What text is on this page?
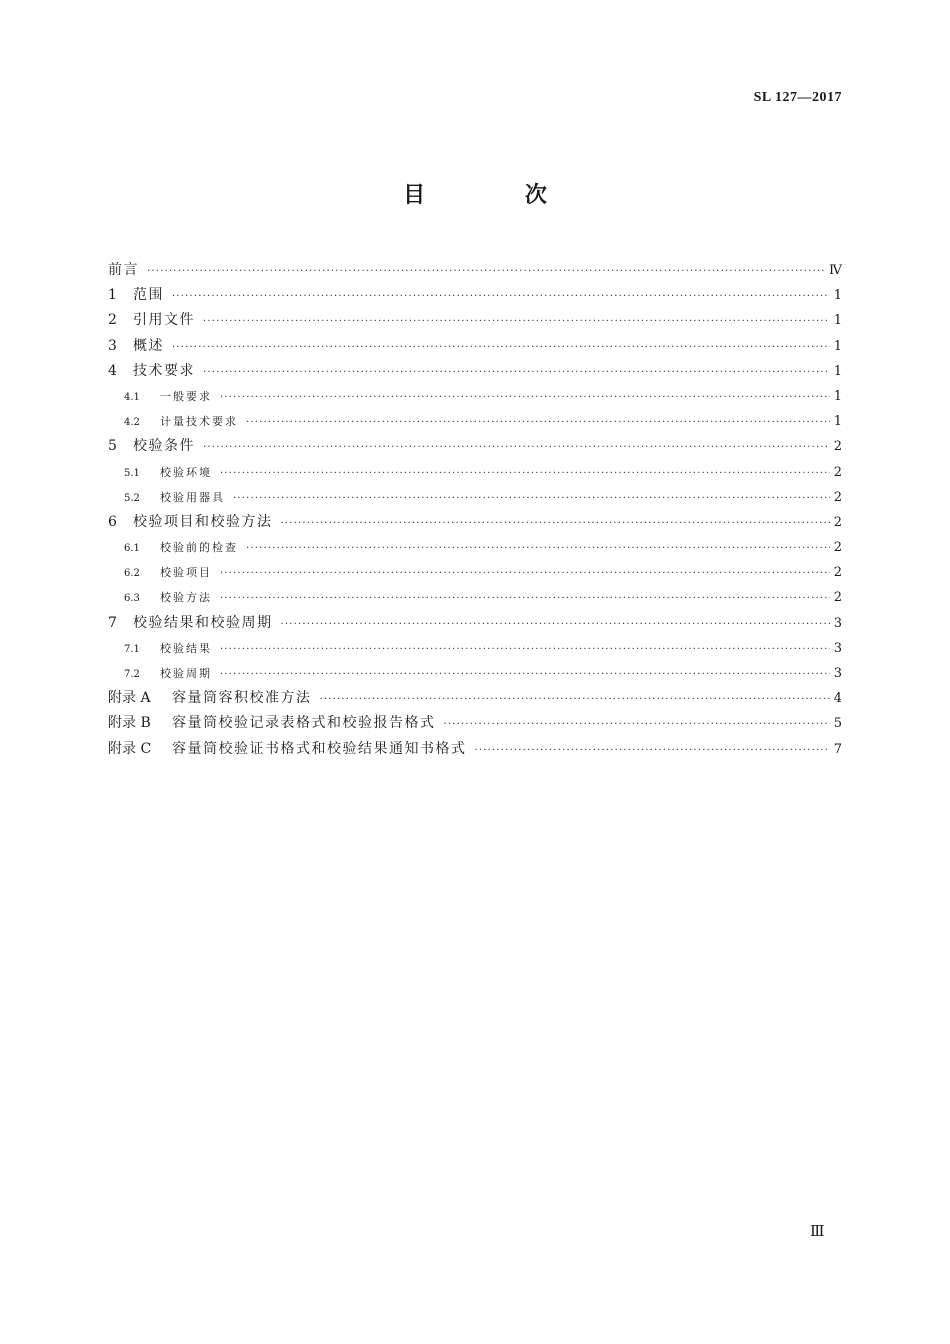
SL 127—2017
目 次
前言 ·····	Ⅳ
1	范围 ·····	1
2	引用文件 ·····	1
3	概述 ·····	1
4	技术要求 ·····	1
4.1	一般要求 ·····	1
4.2	计量技术要求 ·····	1
5	校验条件 ·····	2
5.1	校验环境 ·····	2
5.2	校验用器具 ·····	2
6	校验项目和校验方法 ·····	2
6.1	校验前的检查 ·····	2
6.2	校验项目 ·····	2
6.3	校验方法 ·····	2
7	校验结果和校验周期 ·····	3
7.1	校验结果 ·····	3
7.2	校验周期 ·····	3
附录 A	容量筒容积校准方法 ·····	4
附录 B	容量筒校验记录表格式和校验报告格式 ·····	5
附录 C	容量筒校验证书格式和校验结果通知书格式 ·····	7
Ⅲ
